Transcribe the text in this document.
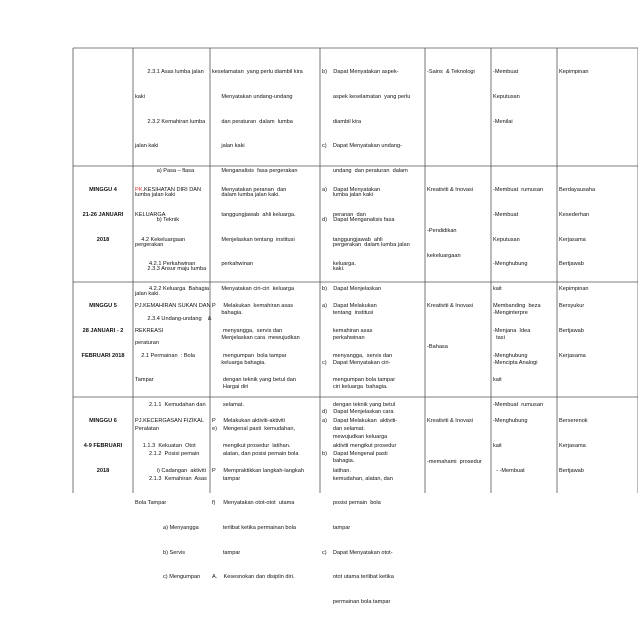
2.3.1 Asas lumba jalan

kaki

2.3.2 Kemahiran lumba

jalan kaki

a) Pasa – flasa

lumba jalan kaki

b) Teknik

pergerakan

2.3.3 Ansur maju lumba

jalan kaki.

2.3.4 Undang-undang    &

peraturan

keselamatan  yang perlu diambil kira

Menyatakan undang-undang

dan peraturan  dalam  lumba

jalan kaki

Menganalisis  fasa pergerakan

dalam lumba jalan kaki.

b)    Dapat Menyatakan aspek-

aspek keselamatan  yang perlu

diambil kira

c)    Dapat Menyatakan undang-

undang  dan peraturan  dalam

lumba jalan kaki

d)    Dapat Menganalisis fasa

pergerakan  dalam lumba jalan

kaki.

-Sains  & Teknologi

	-Membuat

Keputusan

-Menilai

Kepimpinan

MINGGU 4

21-26 JANUARI

2018

PK.KESIHATAN DIRI DAN

KELUARGA

4.2 Kekeluargaan

4.2.1 Perkahwinan

4.2.2 Keluarga  Bahagia

Menyatakan peranan  dan

tanggungjawab  ahli keluarga.

Menjelaskan tentang  institusi

perkahwinan

Menyatakan ciri-ciri  keluarga

bahagia.

Menjelaskan cara  mewujudkan

keluarga bahagia.

Hargai diri

a)    Dapat Menyatakan

peranan  dan

tanggungjawab  ahli

keluarga.

b)    Dapat Menjelaskan

tentang  institusi

perkahwinan

c)    Dapat Menyatakan ciri-

ciri keluarga  bahagia.

d)    Dapat Menjelaskan cara

mewujudkan keluarga

bahagia.

Kreativiti & Inovasi

-Pendidikan

kekeluargaan

-Membuat  rumusan

-Membuat

Keputusan

-Menghubung

kait

-Menginterpre

tasi

-Mencipta Analogi

Berdayausaha

Kesederhan

Kerjasama

Bertjawab

Kepimpinan

MINGGU 5

28 JANUARI - 2

FEBRUARI 2018

PJ.KEMAHIRAN SUKAN DAN

REKREASI

2.1 Permainan  : Bola

Tampar

2.1.1  Kemudahan dan

Peralatan

2.1.2  Posisi pemain

2.1.3  Kemahiran  Asas

Bola Tampar

a) Menyangga

b) Servis

c) Mengumpan

P     Melakukan  kemahiran asas

menyangga,  servis dan

mengumpan  bola tampar

dengan teknik yang betul dan

selamat.

e)    Mengenal pasti  kemudahan,

alatan, dan posisi pemain bola

tampar

f)     Menyatakan otot-otot  utama

terlibat ketika permainan bola

tampar

A.    Kesesnokan dan disiplin diri.

a)    Dapat Melakukan

kemahiran asas

menyangga,  servis dan

mengumpan bola tampar

dengan teknik yang betul

dan selamat.

b)    Dapat Mengenal pasti

kemudahan, alatan, dan

posisi pemain  bola

tampar

c)    Dapat Menyatakan otot-

otot utama terlibat ketika

permainan bola tampar

Kreativiti & Inovasi

-Bahasa

Membanding  beza

-Menjana  Idea

-Menghubung

kait

-Membuat  rumusan

Bersyukur

Bertjawab

Kerjasama

MINGGU 6

4-9 FEBRUARI

2018

PJ.KECERGASAN FIZIKAL

1.1.3  Kekuatan  Otot

i) Cadangan  aktiviti

P     Melakukan aktiviti-aktiviti

mengikut prosedur  latihan.

P     Mempraktikkan langkah-langkah

a)    Dapat Melakukan  aktiviti-

aktiviti mengikut prosedur

latihan.

Kreativiti & Inovasi

-memahami  prosedur

-Menghubung

kait

- -Membuat

Berserenok

Kerjasama

Bertjawab
